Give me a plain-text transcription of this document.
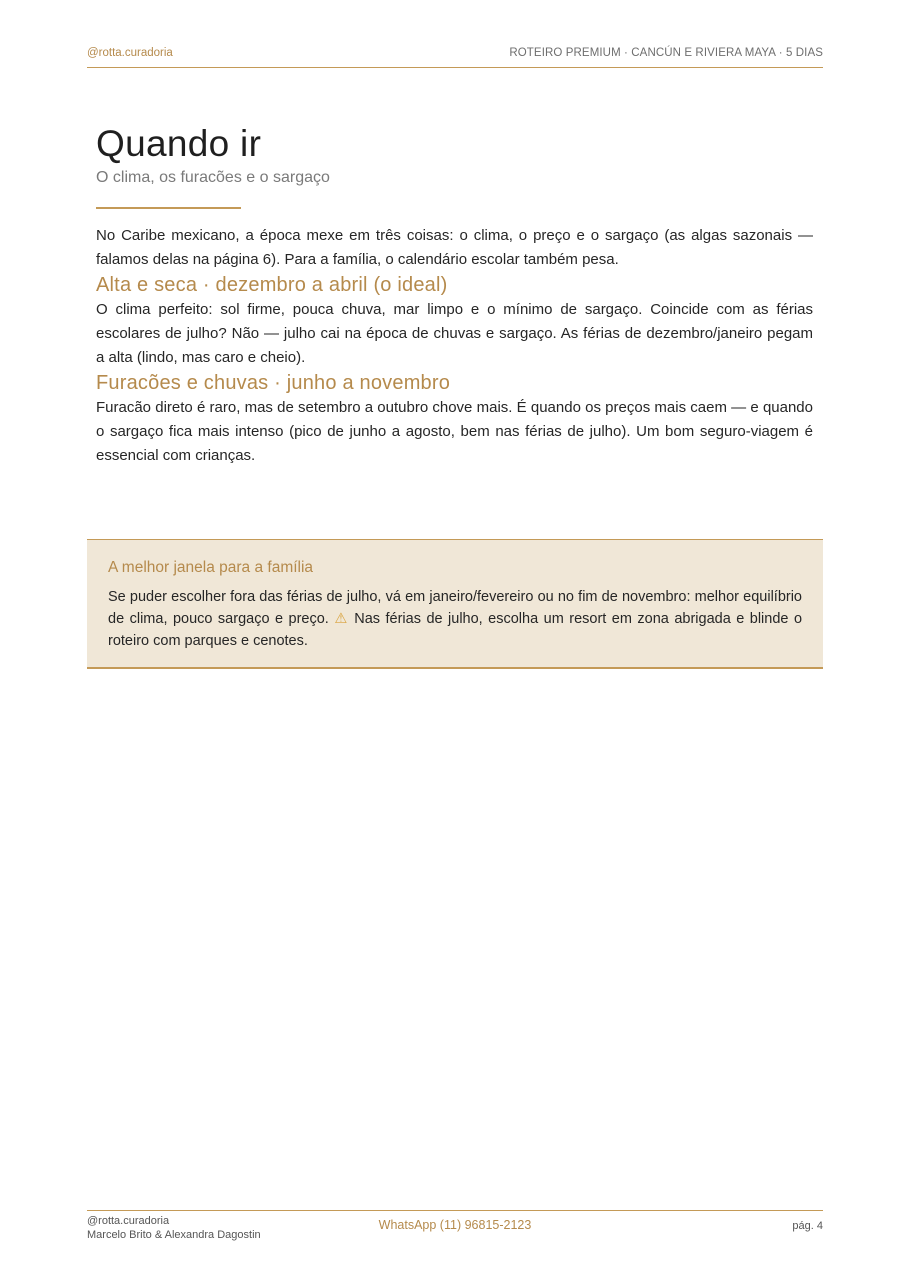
@rotta.curadoria	ROTEIRO PREMIUM · CANCÚN E RIVIERA MAYA · 5 DIAS
Quando ir

O clima, os furacões e o sargaço

No Caribe mexicano, a época mexe em três coisas: o clima, o preço e o sargaço (as algas sazonais — falamos delas na página 6). Para a família, o calendário escolar também pesa.

Alta e seca · dezembro a abril (o ideal)

O clima perfeito: sol firme, pouca chuva, mar limpo e o mínimo de sargaço. Coincide com as férias escolares de julho? Não — julho cai na época de chuvas e sargaço. As férias de dezembro/janeiro pegam a alta (lindo, mas caro e cheio).

Furacões e chuvas · junho a novembro

Furacão direto é raro, mas de setembro a outubro chove mais. É quando os preços mais caem — e quando o sargaço fica mais intenso (pico de junho a agosto, bem nas férias de julho). Um bom seguro-viagem é essencial com crianças.

A melhor janela para a família

Se puder escolher fora das férias de julho, vá em janeiro/fevereiro ou no fim de novembro: melhor equilíbrio de clima, pouco sargaço e preço. ⚠ Nas férias de julho, escolha um resort em zona abrigada e blinde o roteiro com parques e cenotes.

@rotta.curadoria
Marcelo Brito & Alexandra Dagostin
WhatsApp (11) 96815-2123	pág. 4
